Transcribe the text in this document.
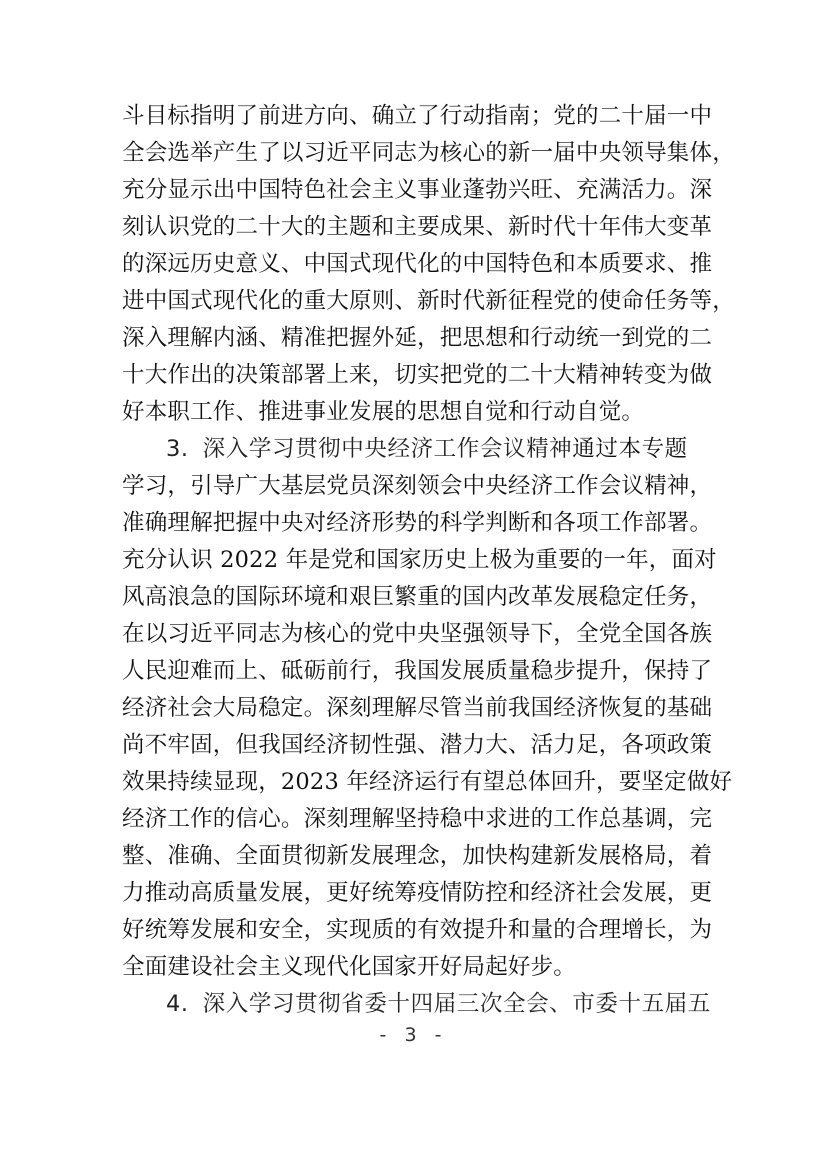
斗目标指明了前进方向、确立了行动指南；党的二十届一中
全会选举产生了以习近平同志为核心的新一届中央领导集体，
充分显示出中国特色社会主义事业蓬勃兴旺、充满活力。深
刻认识党的二十大的主题和主要成果、新时代十年伟大变革
的深远历史意义、中国式现代化的中国特色和本质要求、推
进中国式现代化的重大原则、新时代新征程党的使命任务等，
深入理解内涵、精准把握外延，把思想和行动统一到党的二
十大作出的决策部署上来，切实把党的二十大精神转变为做
好本职工作、推进事业发展的思想自觉和行动自觉。
3. 深入学习贯彻中央经济工作会议精神通过本专题
学习，引导广大基层党员深刻领会中央经济工作会议精神，
准确理解把握中央对经济形势的科学判断和各项工作部署。
充分认识 2022 年是党和国家历史上极为重要的一年，面对
风高浪急的国际环境和艰巨繁重的国内改革发展稳定任务，
在以习近平同志为核心的党中央坚强领导下，全党全国各族
人民迎难而上、砥砺前行，我国发展质量稳步提升，保持了
经济社会大局稳定。深刻理解尽管当前我国经济恢复的基础
尚不牢固，但我国经济韧性强、潜力大、活力足，各项政策
效果持续显现，2023 年经济运行有望总体回升，要坚定做好
经济工作的信心。深刻理解坚持稳中求进的工作总基调，完
整、准确、全面贯彻新发展理念，加快构建新发展格局，着
力推动高质量发展，更好统筹疫情防控和经济社会发展，更
好统筹发展和安全，实现质的有效提升和量的合理增长，为
全面建设社会主义现代化国家开好局起好步。
4. 深入学习贯彻省委十四届三次全会、市委十五届五
- 3 -
